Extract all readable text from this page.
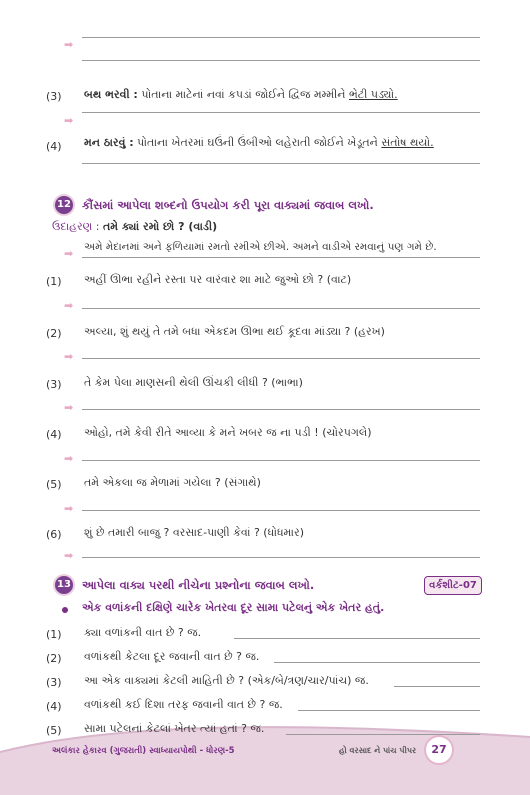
➡
(3) બથ ભરવી : પોતાના માટેનાં નવાં કપડાં જોઈને દ્વિજ મમ્મીને ભેટી પડ્યો.
➡
(4) મન ઠારવું : પોતાના ખેતરમાં ઘઉંની ઉંબીઓ લહેરાતી જોઈને ખેડૂતને સંતોષ થયો.
12 કૌંસમાં આપેલા શબ્દનો ઉપયોગ કરી પૂરા વાક્યમાં જવાબ લખો.
ઉદાહરણ : તમે ક્યાં રમો છો ? (વાડી)
➡ અમે મેદાનમાં અને ફળિયામાં રમતો રમીએ છીએ. અમને વાડીએ રમવાનું પણ ગમે છે.
(1) અહીં ઊભા રહીને રસ્તા પર વારંવાર શા માટે જુઓ છો ? (વાટ)
➡
(2) અલ્યા, શું થયું તે તમે બધા એકદમ ઊભા થઈ કૂદવા માંડ્યા ? (હરખ)
➡
(3) તે કેમ પેલા માણસની થેલી ઊંચકી લીધી ? (ભાભા)
➡
(4) ઓહો, તમે કેવી રીતે આવ્યા કે મને ખબર જ ના પડી ! (ચોરપગલે)
➡
(5) તમે એકલા જ મેળામાં ગયેલા ? (સંગાથે)
➡
(6) શું છે તમારી બાજુ ? વરસાદ-પાણી કેવાં ? (ધોધમાર)
➡
13 આપેલા વાક્ય પરથી નીચેના પ્રશ્નોના જવાબ લખો.	વર્કશીટ-07
એક વળાંકની દક્ષિણે ચારેક ખેતરવા દૂર સામા પટેલનું એક ખેતર હતું.
(1) ક્યા વળાંકની વાત છે ? જ.
(2) વળાંકથી કેટલા દૂર જવાની વાત છે ? જ.
(3) આ એક વાક્યમાં કેટલી માહિતી છે ? (એક/બે/ત્રણ/ચાર/પાંચ) જ.
(4) વળાંકથી કઈ દિશા તરફ જવાની વાત છે ? જ.
(5) સામા પટેલનાં કેટલાં ખેતર ત્યાં હતાં ? જ.
અલંકાર હેકારવ (ગુજરાતી) સ્વાધ્યાયપોથી - ધોરણ-5	હો વરસાદ ને પાંચ પીપર	27
